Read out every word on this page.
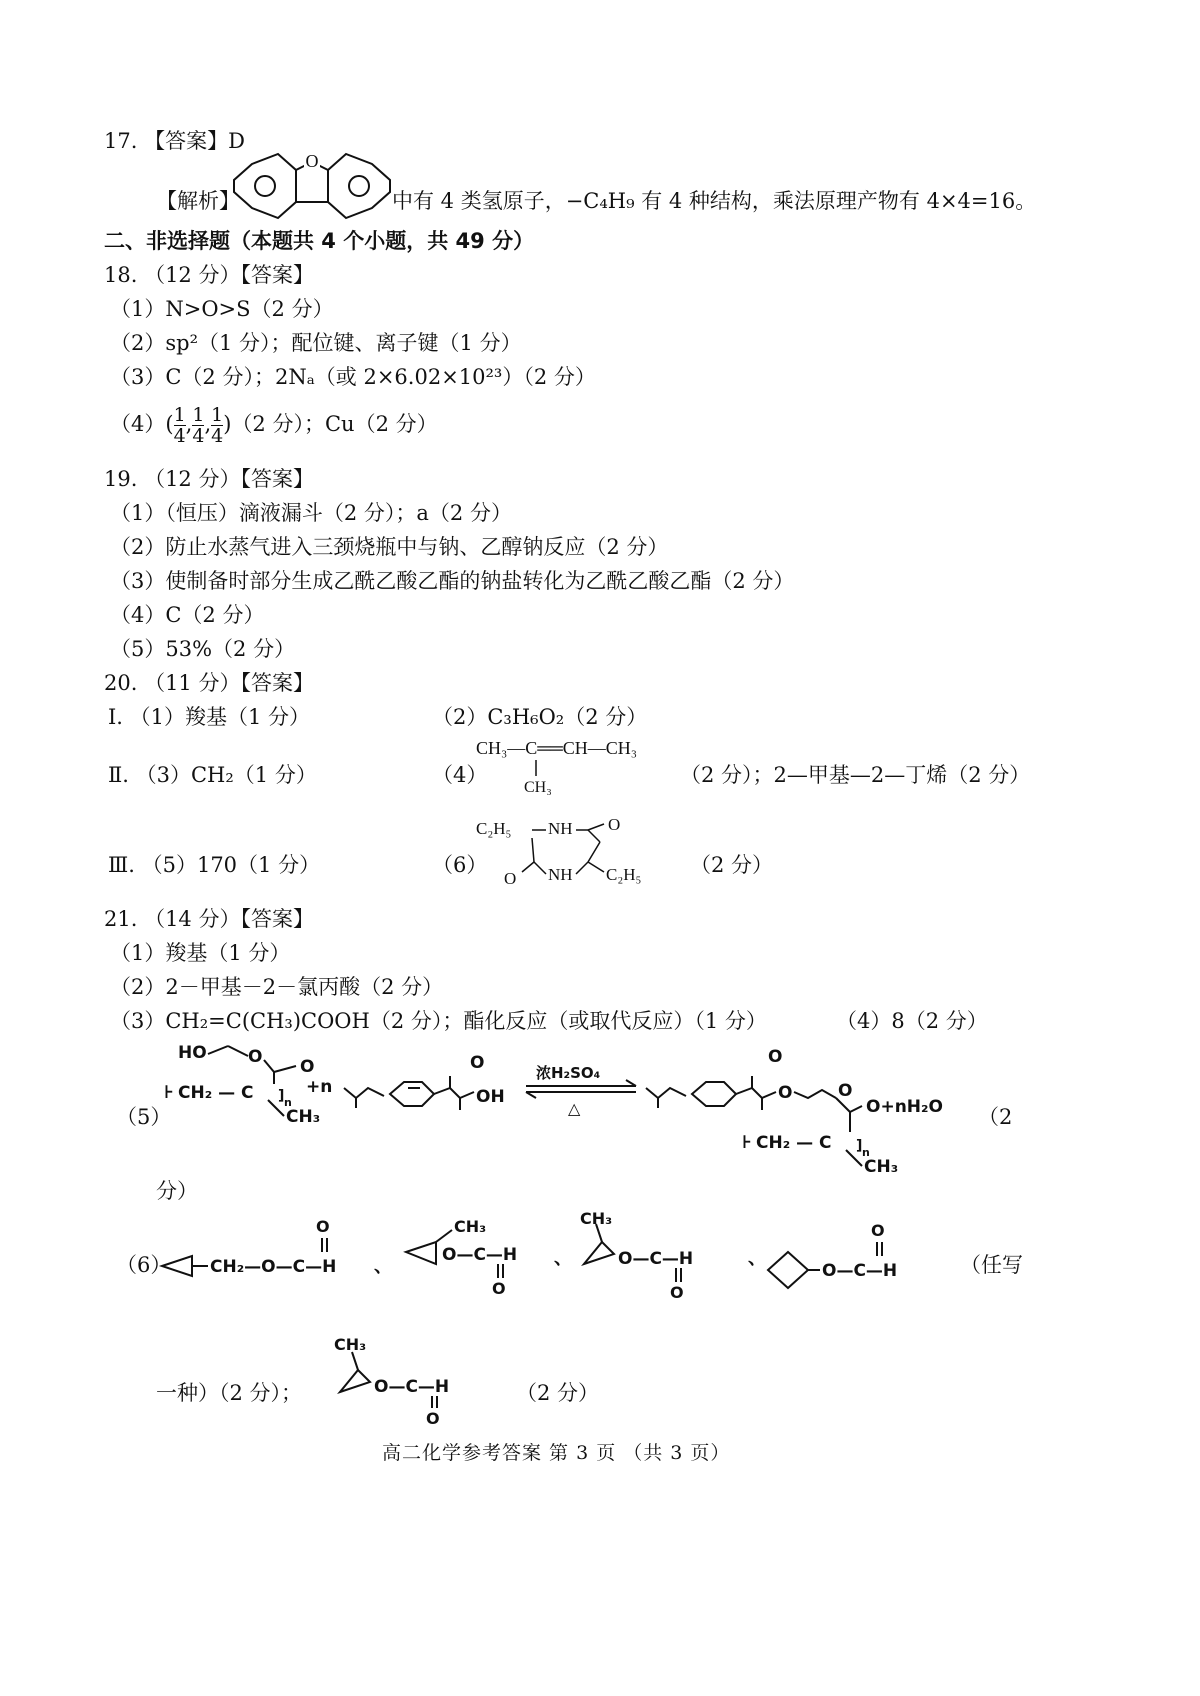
17. 【答案】D
【解析】
O
中有 4 类氢原子，−C₄H₉ 有 4 种结构，乘法原理产物有 4×4=16。
二、非选择题（本题共 4 个小题，共 49 分）
18. （12 分）【答案】
（1）N>O>S（2 分）
（2）sp²（1 分）；配位键、离子键（1 分）
（3）C（2 分）；2Nₐ（或 2×6.02×10²³）（2 分）
$(4)( \frac{1}{4}$ , $\frac{1}{4}$ , $\frac{1}{4} )(2$ 分）；Cu（2 分）
19. （12 分）【答案】
（1）（恒压）滴液漏斗（2 分）；a（2 分）
（2）防止水蒸气进入三颈烧瓶中与钠、乙醇钠反应（2 分）
（3）使制备时部分生成乙酰乙酸乙酯的钠盐转化为乙酰乙酸乙酯（2 分）
（4）C（2 分）
（5）53%（2 分）
20. （11 分）【答案】
Ⅰ. （1）羧基（1 分）	（2）C₃H₆O₂（2 分）
Ⅱ. （3）CH₂（1 分）	（4）
CH₃—C══CH—CH₃
CH₃
（2 分）；2—甲基—2—丁烯（2 分）
Ⅲ. （5）170（1 分）	（6）
C₂H₅ NH O
O NH C₂H₅ （2 分）
21. （14 分）【答案】
（1）羧基（1 分）
（2）2－甲基－2－氯丙酸（2 分）
（3）CH₂=C(CH₃)COOH（2 分）；酯化反应（或取代反应）（1 分）	（4）8（2 分）
（5）
HO O O
⊦ CH₂ — C ] n
CH₃
+n
O
OH
浓H₂SO₄
△
O
O	O
O+nH₂O
⊦ CH₂ — C ] n
CH₃
（2
分）
（6） CH₂—O—C—H
O
、
CH₃
O—C—H
O
、
CH₃
O—C—H
O
、
O—C—H
O
（任写
一种）（2 分）；
CH₃
O—C—H
O
（2 分）
高二化学参考答案 第 3 页 （共 3 页）
